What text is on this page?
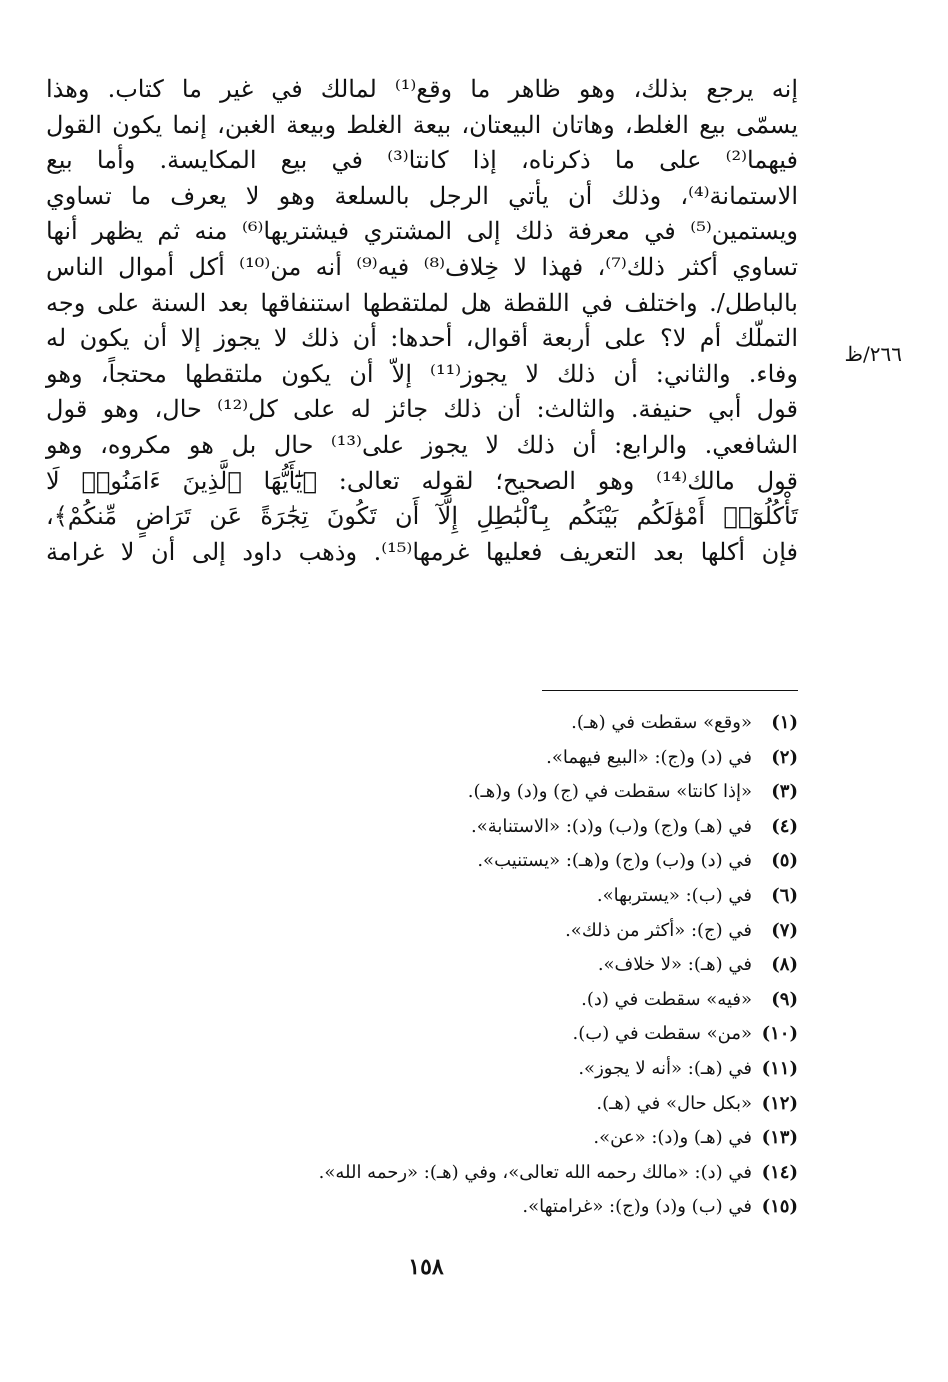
إنه يرجع بذلك، وهو ظاهر ما وقع⁽¹⁾ لمالك في غير ما كتاب. وهذا
يسمّى بيع الغلط، وهاتان البيعتان، بيعة الغلط وبيعة الغبن، إنما يكون القول
فيهما⁽²⁾ على ما ذكرناه، إذا كانتا⁽³⁾ في بيع المكايسة. وأما بيع
الاستمانة⁽⁴⁾، وذلك أن يأتي الرجل بالسلعة وهو لا يعرف ما تساوي
ويستمين⁽⁵⁾ في معرفة ذلك إلى المشتري فيشتريها⁽⁶⁾ منه ثم يظهر أنها
تساوي أكثر ذلك⁽⁷⁾، فهذا لا خِلاف⁽⁸⁾ فيه⁽⁹⁾ أنه من⁽¹⁰⁾ أكل أموال الناس
بالباطل/. واختلف في اللقطة هل لملتقطها استنفاقها بعد السنة على وجه
التملّك أم لا؟ على أربعة أقوال، أحدها: أن ذلك لا يجوز إلا أن يكون له
وفاء. والثاني: أن ذلك لا يجوز⁽¹¹⁾ إلاّ أن يكون ملتقطها محتجاً، وهو
قول أبي حنيفة. والثالث: أن ذلك جائز له على كل⁽¹²⁾ حال، وهو قول
الشافعي. والرابع: أن ذلك لا يجوز على⁽¹³⁾ حال بل هو مكروه، وهو
قول مالك⁽¹⁴⁾ وهو الصحيح؛ لقوله تعالى: ﴿يَٰٓأَيُّهَا ٱلَّذِينَ ءَامَنُوا۟ لَا
تَأْكُلُوٓا۟ أَمْوَٰلَكُم بَيْنَكُم بِٱلْبَٰطِلِ إِلَّآ أَن تَكُونَ تِجَٰرَةً عَن تَرَاضٍ مِّنكُمْ﴾،
فإن أكلها بعد التعريف فعليها غرمها⁽¹⁵⁾. وذهب داود إلى أن لا غرامة
٢٦٦/ظ
(١)«وقع» سقطت في (هـ).
(٢)في (د) و(ج): «البيع فيهما».
(٣)«إذا كانتا» سقطت في (ج) و(د) و(هـ).
(٤)في (هـ) و(ج) و(ب) و(د): «الاستنابة».
(٥)في (د) و(ب) و(ج) و(هـ): «يستنيب».
(٦)في (ب): «يستربها».
(٧)في (ج): «أكثر من ذلك».
(٨)في (هـ): «لا خلاف».
(٩)«فيه» سقطت في (د).
(١٠)«من» سقطت في (ب).
(١١)في (هـ): «أنه لا يجوز».
(١٢)«بكل حال» في (هـ).
(١٣)في (هـ) و(د): «عن».
(١٤)في (د): «مالك رحمه الله تعالى»، وفي (هـ): «رحمه الله».
(١٥)في (ب) و(د) و(ج): «غرامتها».
١٥٨
